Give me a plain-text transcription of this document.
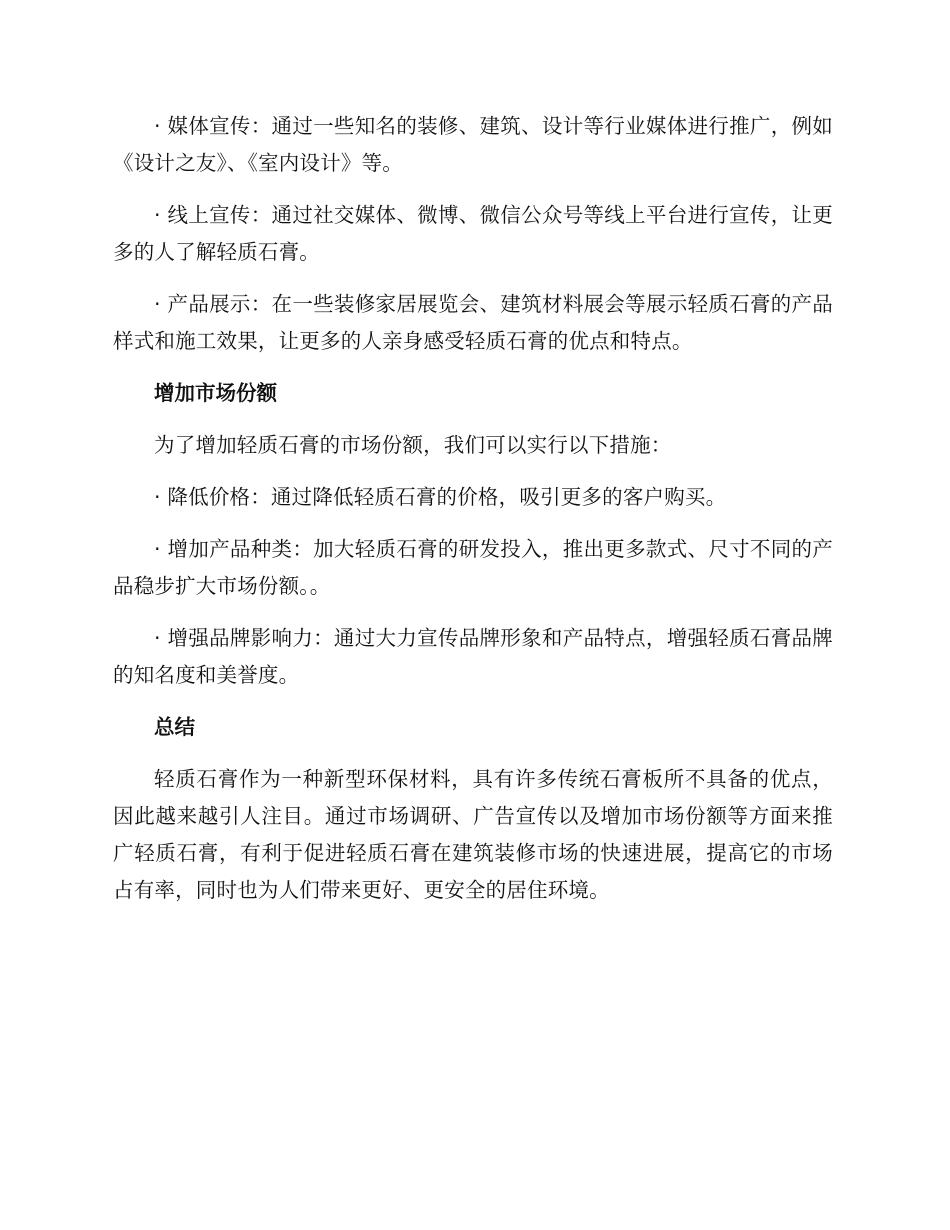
· 媒体宣传：通过一些知名的装修、建筑、设计等行业媒体进行推广，例如《设计之友》、《室内设计》等。

· 线上宣传：通过社交媒体、微博、微信公众号等线上平台进行宣传，让更多的人了解轻质石膏。

· 产品展示：在一些装修家居展览会、建筑材料展会等展示轻质石膏的产品样式和施工效果，让更多的人亲身感受轻质石膏的优点和特点。

增加市场份额

为了增加轻质石膏的市场份额，我们可以实行以下措施：

· 降低价格：通过降低轻质石膏的价格，吸引更多的客户购买。

· 增加产品种类：加大轻质石膏的研发投入，推出更多款式、尺寸不同的产品稳步扩大市场份额。。

· 增强品牌影响力：通过大力宣传品牌形象和产品特点，增强轻质石膏品牌的知名度和美誉度。

总结

轻质石膏作为一种新型环保材料，具有许多传统石膏板所不具备的优点，因此越来越引人注目。通过市场调研、广告宣传以及增加市场份额等方面来推广轻质石膏，有利于促进轻质石膏在建筑装修市场的快速进展，提高它的市场占有率，同时也为人们带来更好、更安全的居住环境。
